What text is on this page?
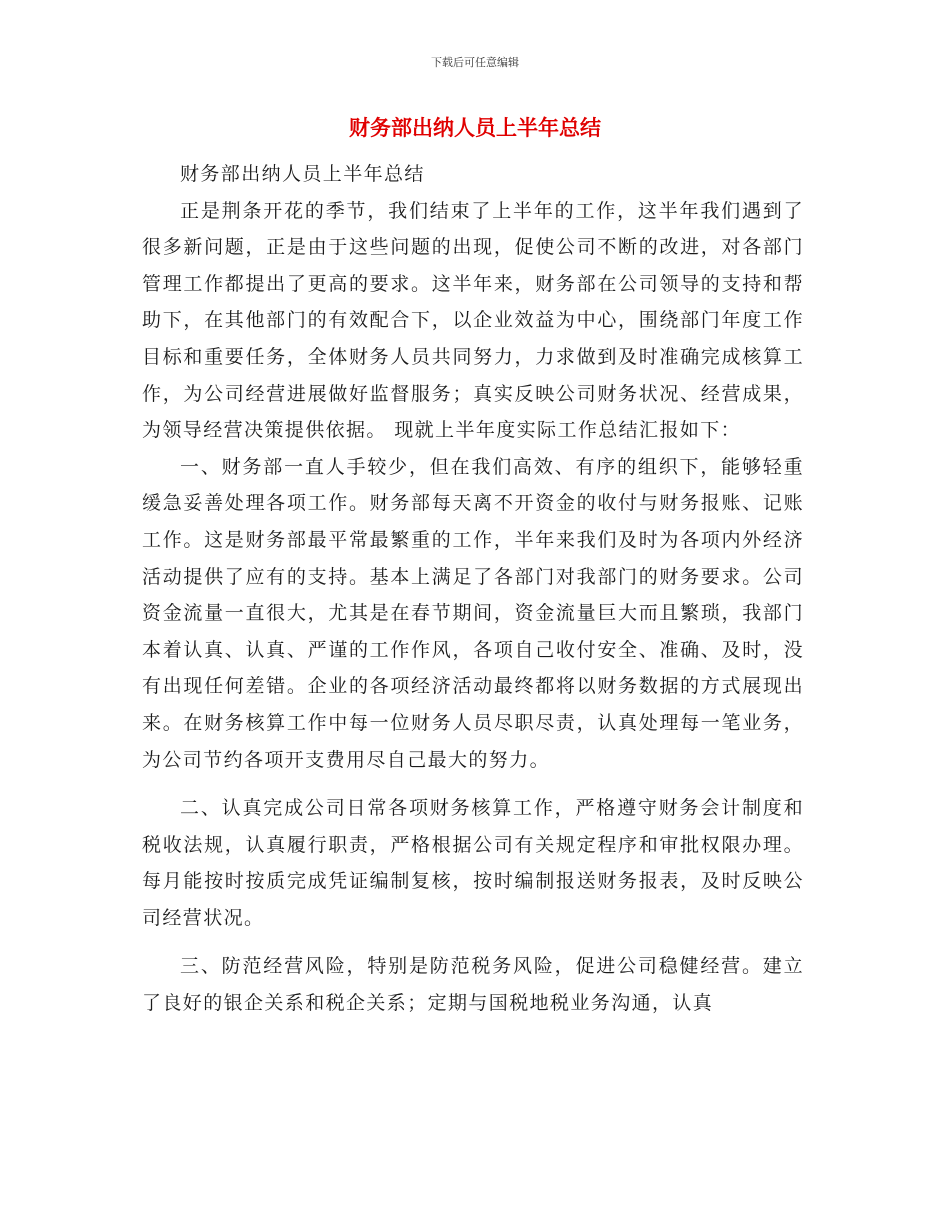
下载后可任意编辑
财务部出纳人员上半年总结

财务部出纳人员上半年总结

正是荆条开花的季节，我们结束了上半年的工作，这半年我们遇到了很多新问题，正是由于这些问题的出现，促使公司不断的改进，对各部门管理工作都提出了更高的要求。这半年来，财务部在公司领导的支持和帮助下，在其他部门的有效配合下，以企业效益为中心，围绕部门年度工作目标和重要任务，全体财务人员共同努力，力求做到及时准确完成核算工作，为公司经营进展做好监督服务；真实反映公司财务状况、经营成果，为领导经营决策提供依据。 现就上半年度实际工作总结汇报如下：

一、财务部一直人手较少，但在我们高效、有序的组织下，能够轻重缓急妥善处理各项工作。财务部每天离不开资金的收付与财务报账、记账工作。这是财务部最平常最繁重的工作，半年来我们及时为各项内外经济活动提供了应有的支持。基本上满足了各部门对我部门的财务要求。公司资金流量一直很大，尤其是在春节期间，资金流量巨大而且繁琐，我部门本着认真、认真、严谨的工作作风，各项自己收付安全、准确、及时，没有出现任何差错。企业的各项经济活动最终都将以财务数据的方式展现出来。在财务核算工作中每一位财务人员尽职尽责，认真处理每一笔业务，为公司节约各项开支费用尽自己最大的努力。

二、认真完成公司日常各项财务核算工作，严格遵守财务会计制度和税收法规，认真履行职责，严格根据公司有关规定程序和审批权限办理。每月能按时按质完成凭证编制复核，按时编制报送财务报表，及时反映公司经营状况。

三、防范经营风险，特别是防范税务风险，促进公司稳健经营。建立了良好的银企关系和税企关系；定期与国税地税业务沟通，认真
